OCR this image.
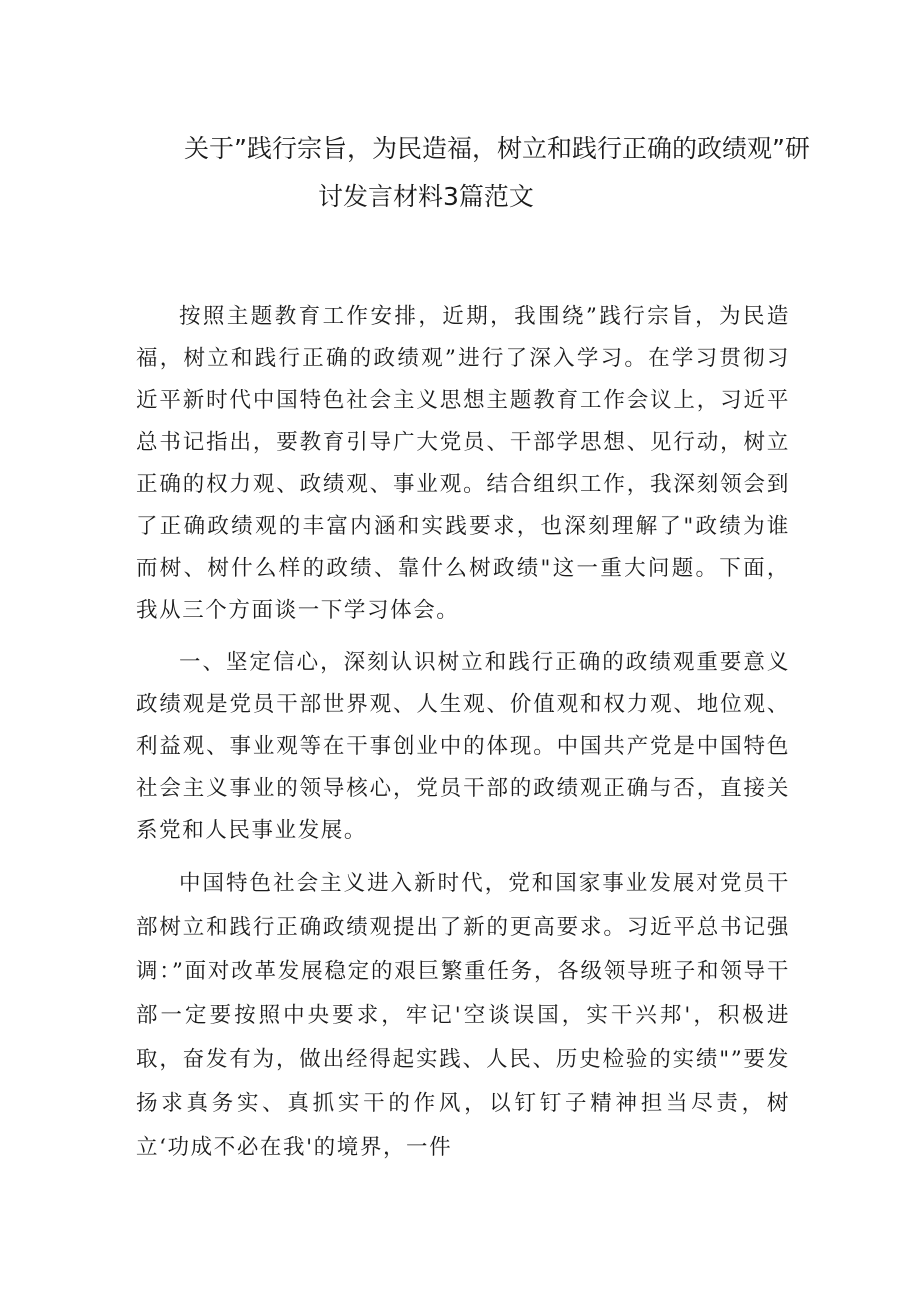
关于”践行宗旨，为民造福，树立和践行正确的政绩观”研
讨发言材料3篇范文

按照主题教育工作安排，近期，我围绕”践行宗旨，为民造福，树立和践行正确的政绩观”进行了深入学习。在学习贯彻习近平新时代中国特色社会主义思想主题教育工作会议上，习近平总书记指出，要教育引导广大党员、干部学思想、见行动，树立正确的权力观、政绩观、事业观。结合组织工作，我深刻领会到了正确政绩观的丰富内涵和实践要求，也深刻理解了"政绩为谁而树、树什么样的政绩、靠什么树政绩"这一重大问题。下面，我从三个方面谈一下学习体会。

一、坚定信心，深刻认识树立和践行正确的政绩观重要意义政绩观是党员干部世界观、人生观、价值观和权力观、地位观、利益观、事业观等在干事创业中的体现。中国共产党是中国特色社会主义事业的领导核心，党员干部的政绩观正确与否，直接关系党和人民事业发展。

中国特色社会主义进入新时代，党和国家事业发展对党员干部树立和践行正确政绩观提出了新的更高要求。习近平总书记强调：”面对改革发展稳定的艰巨繁重任务，各级领导班子和领导干部一定要按照中央要求，牢记'空谈误国，实干兴邦'，积极进取，奋发有为，做出经得起实践、人民、历史检验的实绩"”要发扬求真务实、真抓实干的作风，以钉钉子精神担当尽责，树立‘功成不必在我'的境界，一件
